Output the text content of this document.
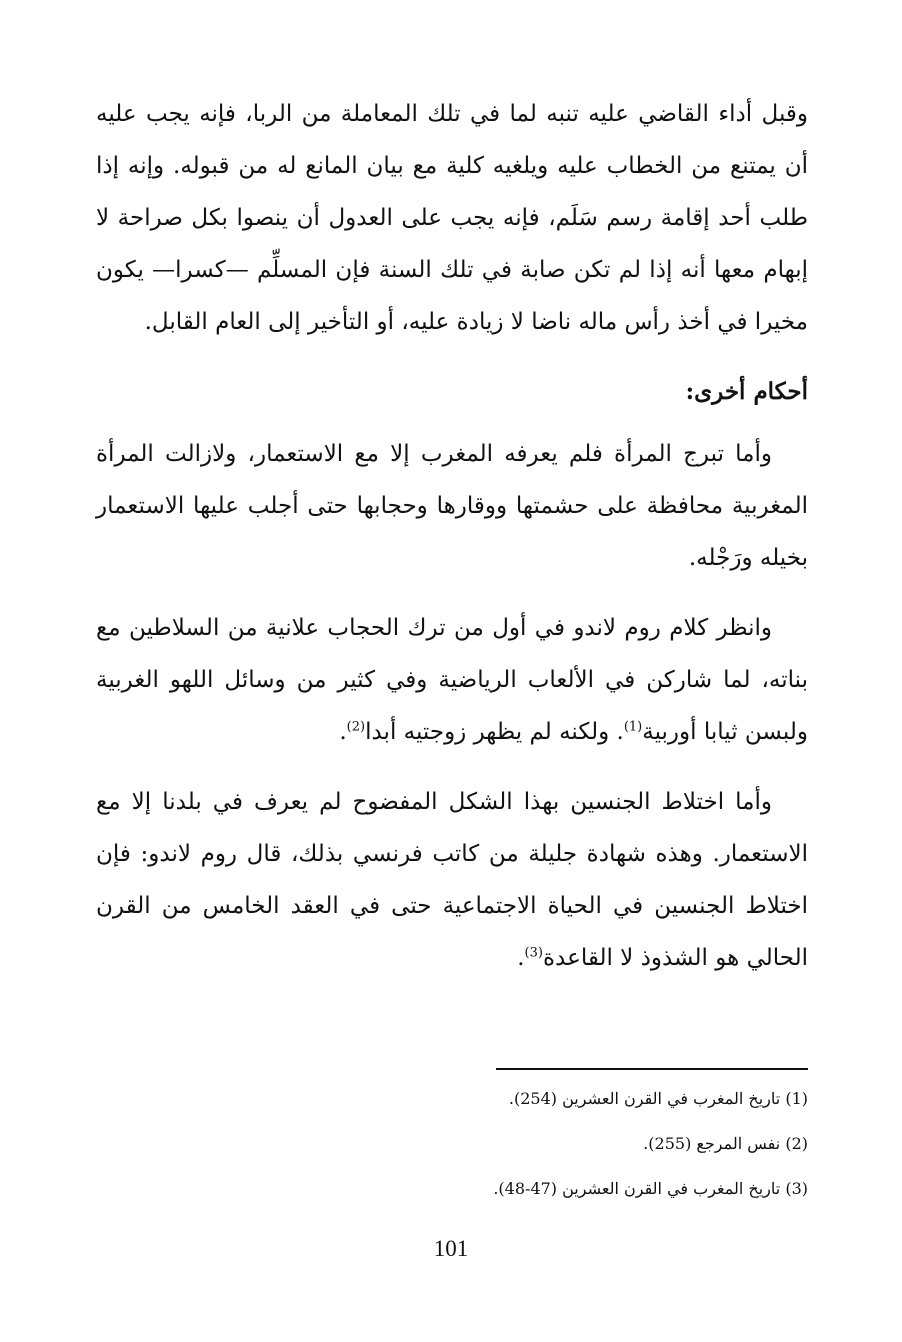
وقبل أداء القاضي عليه تنبه لما في تلك المعاملة من الربا، فإنه يجب عليه أن يمتنع من الخطاب عليه ويلغيه كلية مع بيان المانع له من قبوله. وإنه إذا طلب أحد إقامة رسم سَلَم، فإنه يجب على العدول أن ينصوا بكل صراحة لا إبهام معها أنه إذا لم تكن صابة في تلك السنة فإن المسلِّم —كسرا— يكون مخيرا في أخذ رأس ماله ناضا لا زيادة عليه، أو التأخير إلى العام القابل.

أحكام أخرى:

وأما تبرج المرأة فلم يعرفه المغرب إلا مع الاستعمار، ولازالت المرأة المغربية محافظة على حشمتها ووقارها وحجابها حتى أجلب عليها الاستعمار بخيله ورَجْله.

وانظر كلام روم لاندو في أول من ترك الحجاب علانية من السلاطين مع بناته، لما شاركن في الألعاب الرياضية وفي كثير من وسائل اللهو الغربية ولبسن ثيابا أوربية$^{(1)}$. ولكنه لم يظهر زوجتيه أبدا$^{(2)}$.

وأما اختلاط الجنسين بهذا الشكل المفضوح لم يعرف في بلدنا إلا مع الاستعمار. وهذه شهادة جليلة من كاتب فرنسي بذلك، قال روم لاندو: فإن اختلاط الجنسين في الحياة الاجتماعية حتى في العقد الخامس من القرن الحالي هو الشذوذ لا القاعدة$^{(3)}$.

(1) تاريخ المغرب في القرن العشرين (254).

(2) نفس المرجع (255).

(3) تاريخ المغرب في القرن العشرين (47-48).

101
